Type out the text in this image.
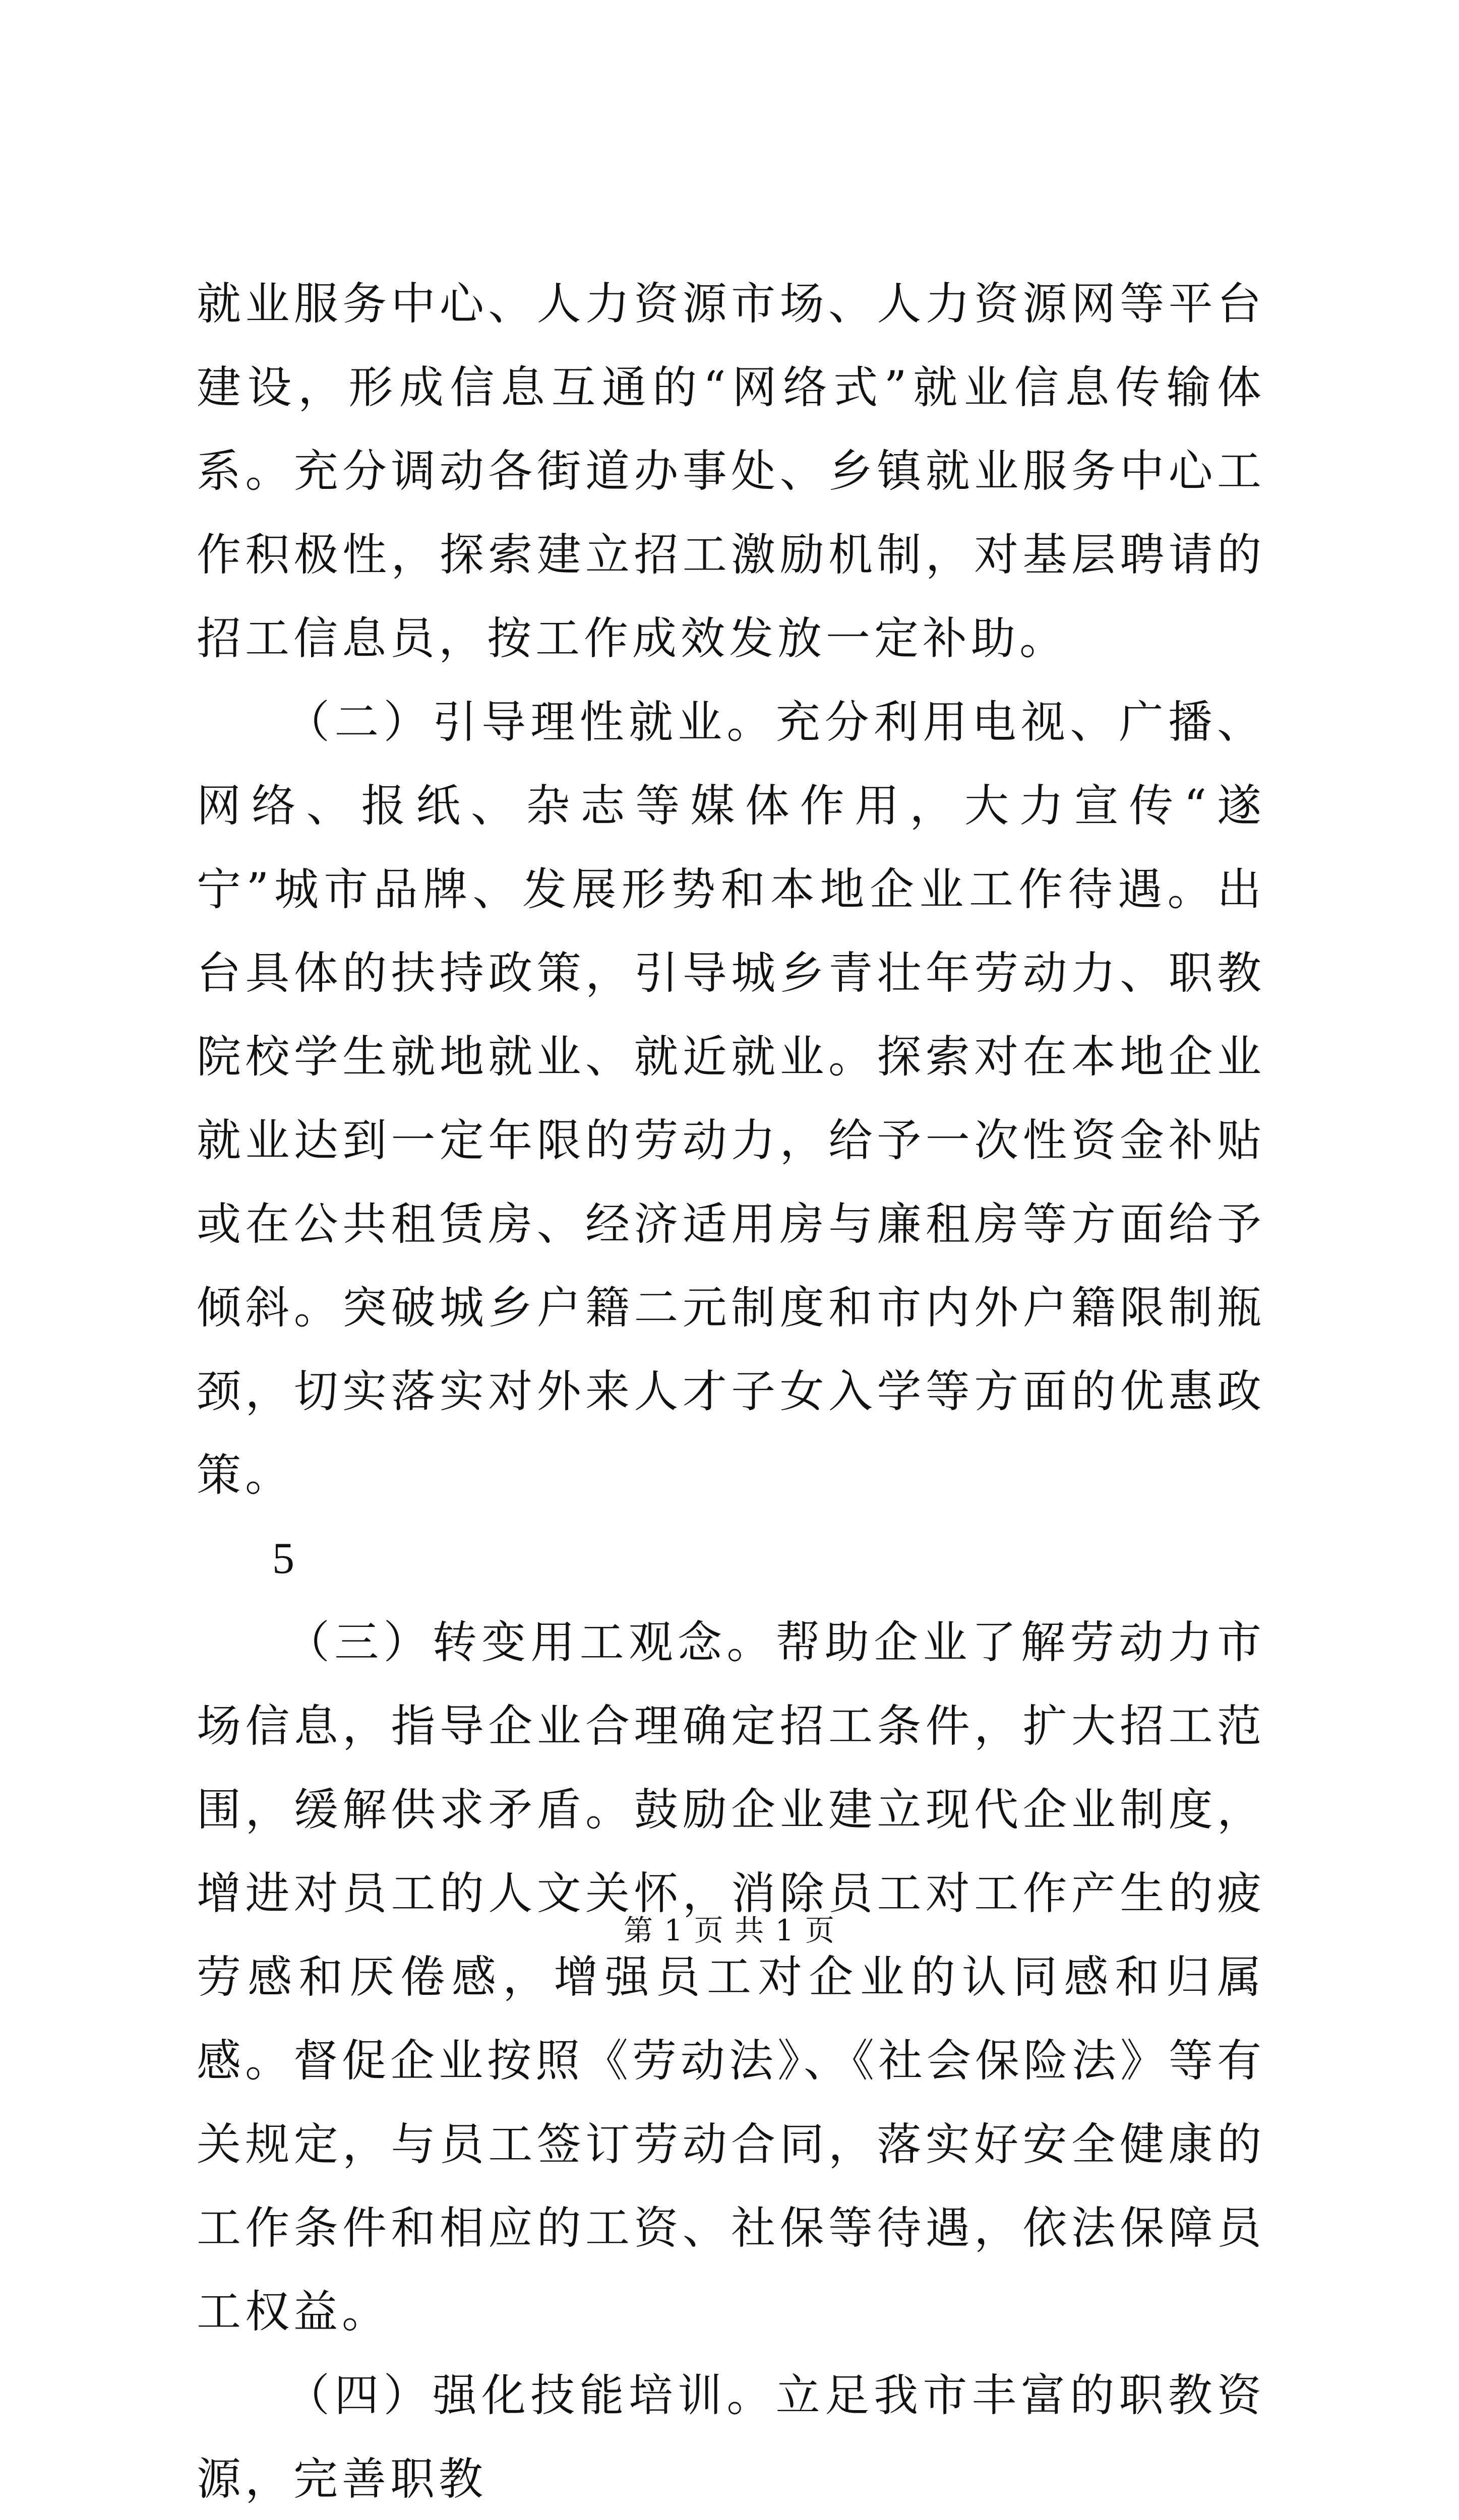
就业服务中心、人力资源市场、人力资源网等平台建设，形成信息互通的“网络式”就业信息传输体系。充分调动各街道办事处、乡镇就业服务中心工作积极性，探索建立招工激励机制，对基层聘请的招工信息员，按工作成效发放一定补助。

（二）引导理性就业。充分利用电视、广播、网络、报纸、杂志等媒体作用，大力宣传“遂宁”城市品牌、发展形势和本地企业工作待遇。出台具体的扶持政策，引导城乡青壮年劳动力、职教院校学生就地就业、就近就业。探索对在本地企业就业达到一定年限的劳动力，给予一次性资金补贴或在公共租赁房、经济适用房与廉租房等方面给予倾斜。突破城乡户籍二元制度和市内外户籍限制瓶颈，切实落实对外来人才子女入学等方面的优惠政策。

5

（三）转变用工观念。帮助企业了解劳动力市场信息，指导企业合理确定招工条件，扩大招工范围，缓解供求矛盾。鼓励企业建立现代企业制度，增进对员工的人文关怀，消除员工对工作产生的疲劳感和厌倦感，增强员工对企业的认同感和归属感。督促企业按照《劳动法》、《社会保险法》等有关规定，与员工签订劳动合同，落实好安全健康的工作条件和相应的工资、社保等待遇，依法保障员工权益。

（四）强化技能培训。立足我市丰富的职教资源，完善职教

第 1 页 共 1 页
